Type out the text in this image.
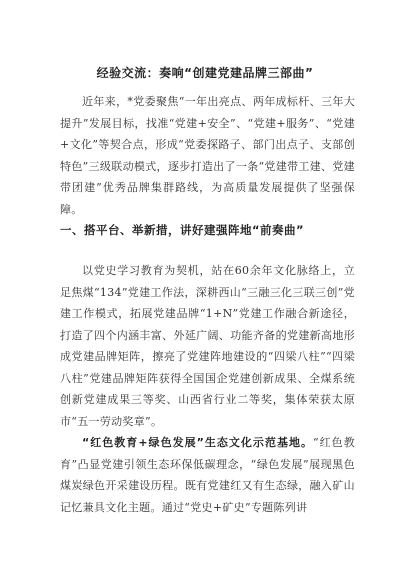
经验交流：奏响“创建党建品牌三部曲”

近年来，*党委聚焦“一年出亮点、两年成标杆、三年大提升”发展目标，找准“党建+安全”、“党建+服务”、“党建+文化”等契合点，形成“党委探路子、部门出点子、支部创特色”三级联动模式，逐步打造出了一条“党建带工建、党建带团建”优秀品牌集群路线，为高质量发展提供了坚强保障。

一、搭平台、举新措，讲好建强阵地“前奏曲”

以党史学习教育为契机，站在60余年文化脉络上，立足焦煤“134”党建工作法，深耕西山“三融三化三联三创”党建工作模式，拓展党建品牌“1+N”党建工作融合新途径，打造了四个内涵丰富、外延广阔、功能齐备的党建新高地形成党建品牌矩阵，擦亮了党建阵地建设的“四梁八柱”“四梁八柱”党建品牌矩阵获得全国国企党建创新成果、全煤系统创新党建成果三等奖、山西省行业二等奖，集体荣获太原市“五一劳动奖章”。

“红色教育+绿色发展”生态文化示范基地。“红色教育”凸显党建引领生态环保低碳理念，“绿色发展”展现黑色煤炭绿色开采建设历程。既有党建红又有生态绿，融入矿山记忆兼具文化主题。通过“党史+矿史”专题陈列讲
